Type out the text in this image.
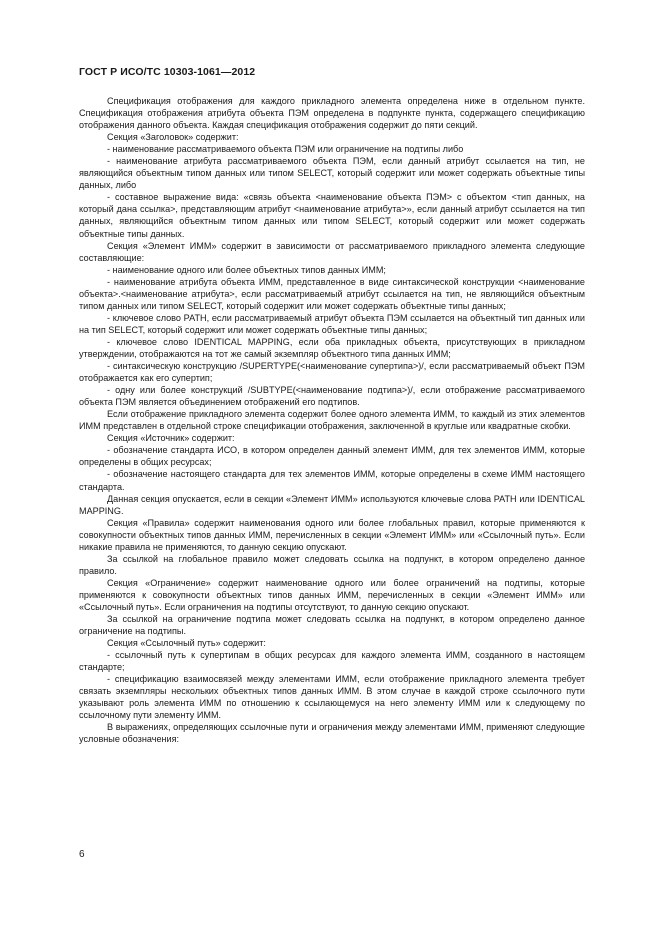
ГОСТ Р ИСО/ТС 10303-1061—2012

Спецификация отображения для каждого прикладного элемента определена ниже в отдельном пункте. Спецификация отображения атрибута объекта ПЭМ определена в подпункте пункта, содержащего спецификацию отображения данного объекта. Каждая спецификация отображения содержит до пяти секций.

Секция «Заголовок» содержит:

- наименование рассматриваемого объекта ПЭМ или ограничение на подтипы либо

- наименование атрибута рассматриваемого объекта ПЭМ, если данный атрибут ссылается на тип, не являющийся объектным типом данных или типом SELECT, который содержит или может содержать объектные типы данных, либо

- составное выражение вида: «связь объекта <наименование объекта ПЭМ> с объектом <тип данных, на который дана ссылка>, представляющим атрибут <наименование атрибута>», если данный атрибут ссылается на тип данных, являющийся объектным типом данных или типом SELECT, который содержит или может содержать объектные типы данных.

Секция «Элемент ИММ» содержит в зависимости от рассматриваемого прикладного элемента следующие составляющие:

- наименование одного или более объектных типов данных ИММ;

- наименование атрибута объекта ИММ, представленное в виде синтаксической конструкции <наименование объекта>.<наименование атрибута>, если рассматриваемый атрибут ссылается на тип, не являющийся объектным типом данных или типом SELECT, который содержит или может содержать объектные типы данных;

- ключевое слово PATH, если рассматриваемый атрибут объекта ПЭМ ссылается на объектный тип данных или на тип SELECT, который содержит или может содержать объектные типы данных;

- ключевое слово IDENTICAL MAPPING, если оба прикладных объекта, присутствующих в прикладном утверждении, отображаются на тот же самый экземпляр объектного типа данных ИММ;

- синтаксическую конструкцию /SUPERTYPE(<наименование супертипа>)/, если рассматриваемый объект ПЭМ отображается как его супертип;

- одну или более конструкций /SUBTYPE(<наименование подтипа>)/, если отображение рассматриваемого объекта ПЭМ является объединением отображений его подтипов.

Если отображение прикладного элемента содержит более одного элемента ИММ, то каждый из этих элементов ИММ представлен в отдельной строке спецификации отображения, заключенной в круглые или квадратные скобки.

Секция «Источник» содержит:

- обозначение стандарта ИСО, в котором определен данный элемент ИММ, для тех элементов ИММ, которые определены в общих ресурсах;

- обозначение настоящего стандарта для тех элементов ИММ, которые определены в схеме ИММ настоящего стандарта.

Данная секция опускается, если в секции «Элемент ИММ» используются ключевые слова PATH или IDENTICAL MAPPING.

Секция «Правила» содержит наименования одного или более глобальных правил, которые применяются к совокупности объектных типов данных ИММ, перечисленных в секции «Элемент ИММ» или «Ссылочный путь». Если никакие правила не применяются, то данную секцию опускают.

За ссылкой на глобальное правило может следовать ссылка на подпункт, в котором определено данное правило.

Секция «Ограничение» содержит наименование одного или более ограничений на подтипы, которые применяются к совокупности объектных типов данных ИММ, перечисленных в секции «Элемент ИММ» или «Ссылочный путь». Если ограничения на подтипы отсутствуют, то данную секцию опускают.

За ссылкой на ограничение подтипа может следовать ссылка на подпункт, в котором определено данное ограничение на подтипы.

Секция «Ссылочный путь» содержит:

- ссылочный путь к супертипам в общих ресурсах для каждого элемента ИММ, созданного в настоящем стандарте;

- спецификацию взаимосвязей между элементами ИММ, если отображение прикладного элемента требует связать экземпляры нескольких объектных типов данных ИММ. В этом случае в каждой строке ссылочного пути указывают роль элемента ИММ по отношению к ссылающемуся на него элементу ИММ или к следующему по ссылочному пути элементу ИММ.

В выражениях, определяющих ссылочные пути и ограничения между элементами ИММ, применяют следующие условные обозначения:

6
